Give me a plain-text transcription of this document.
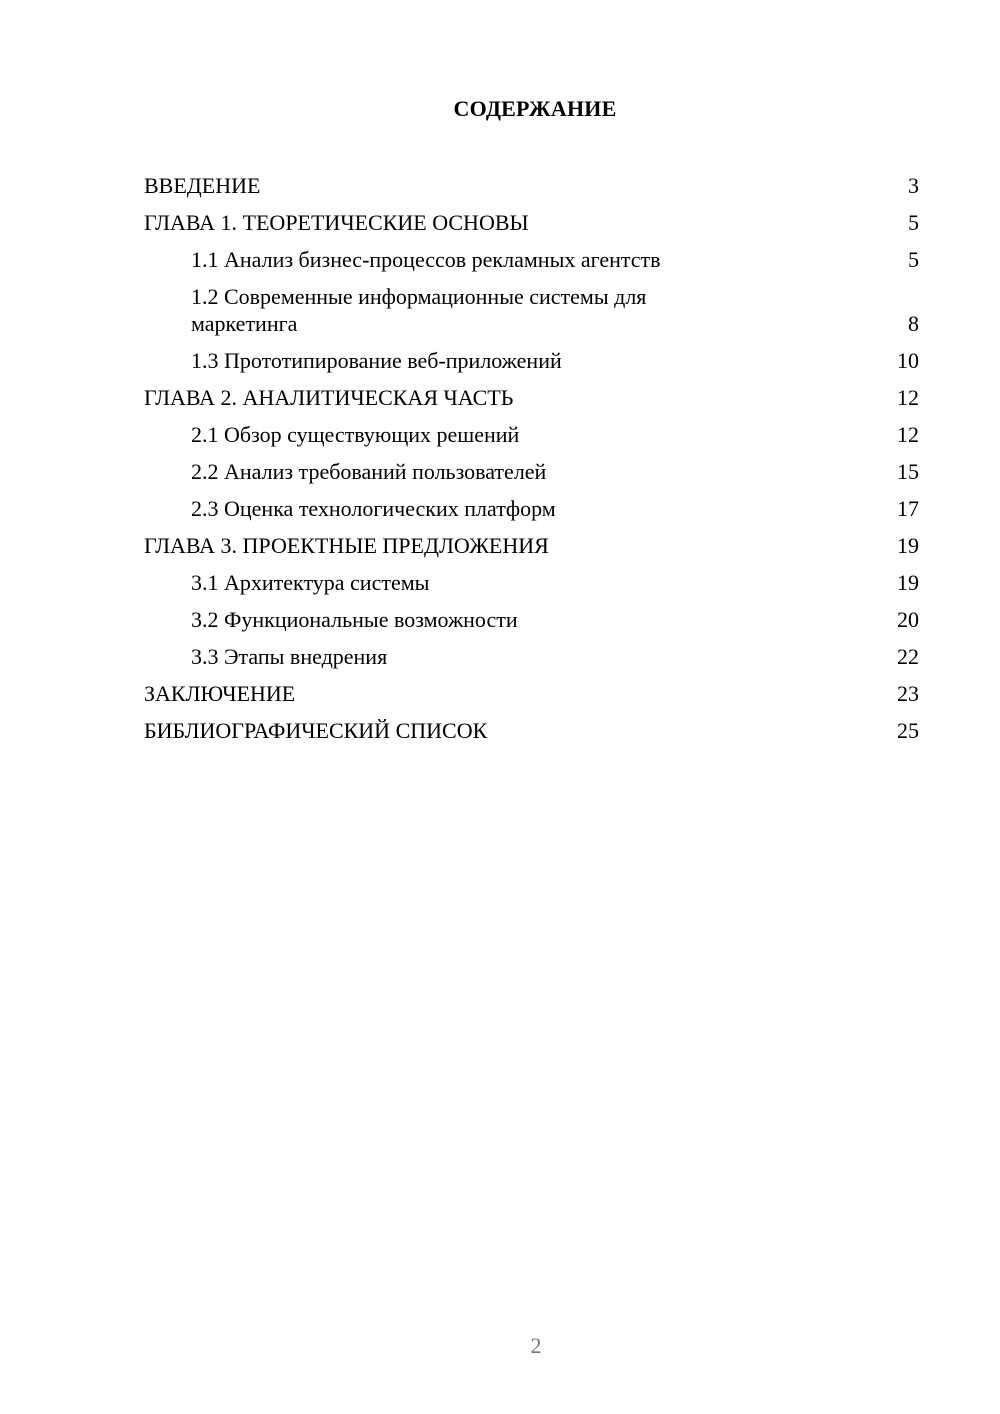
СОДЕРЖАНИЕ
ВВЕДЕНИЕ	3
ГЛАВА 1. ТЕОРЕТИЧЕСКИЕ ОСНОВЫ	5
1.1 Анализ бизнес-процессов рекламных агентств	5
1.2 Современные информационные системы для маркетинга	8
1.3 Прототипирование веб-приложений	10
ГЛАВА 2. АНАЛИТИЧЕСКАЯ ЧАСТЬ	12
2.1 Обзор существующих решений	12
2.2 Анализ требований пользователей	15
2.3 Оценка технологических платформ	17
ГЛАВА 3. ПРОЕКТНЫЕ ПРЕДЛОЖЕНИЯ	19
3.1 Архитектура системы	19
3.2 Функциональные возможности	20
3.3 Этапы внедрения	22
ЗАКЛЮЧЕНИЕ	23
БИБЛИОГРАФИЧЕСКИЙ СПИСОК	25
2
